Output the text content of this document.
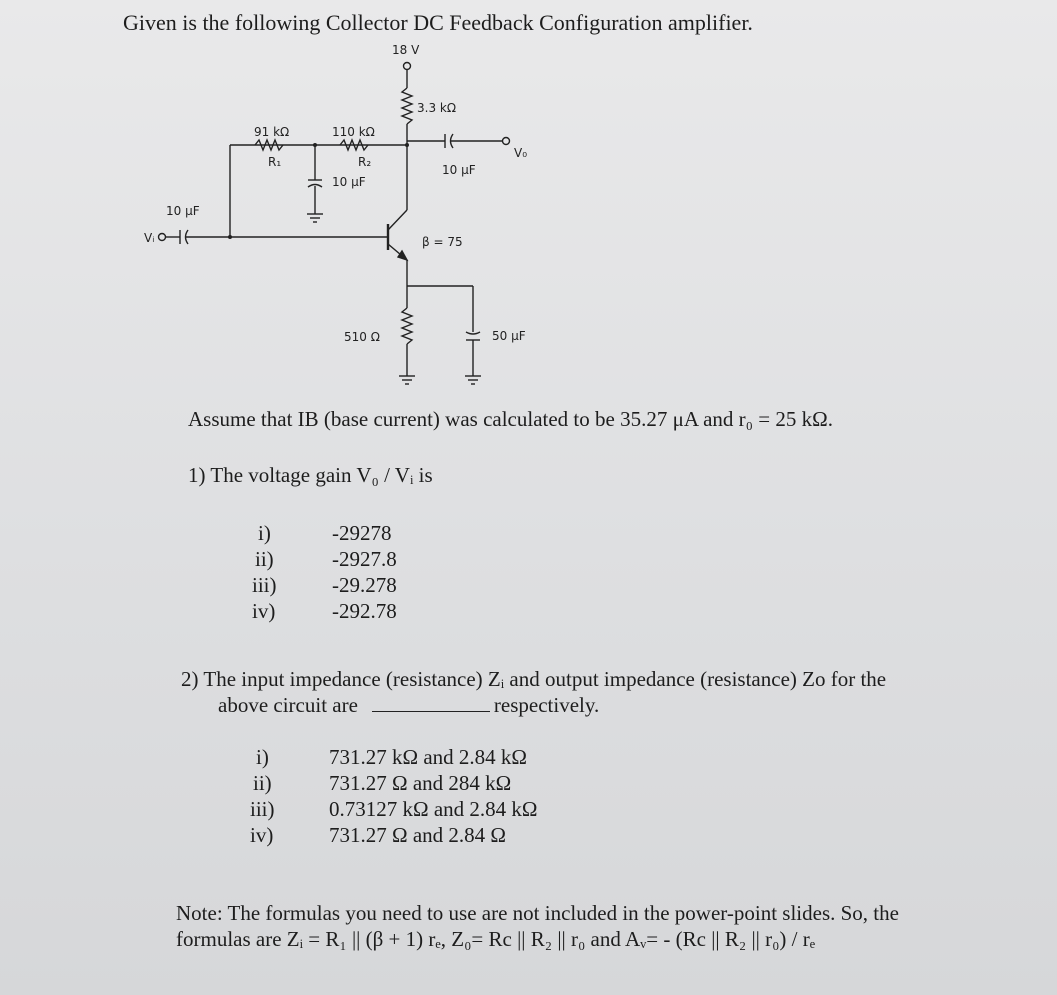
Given is the following Collector DC Feedback Configuration amplifier.
18 V
3.3 kΩ
91 kΩ
R₁
110 kΩ
R₂
10 μF
10 μF
V₀
10 μF
Vᵢ	β = 75
510 Ω	50 μF
Assume that IB (base current) was calculated to be 35.27 μA and r₀ = 25 kΩ.
1) The voltage gain V₀ / Vᵢ is
i)	-29278
ii)	-2927.8
iii)	-29.278
iv)	-292.78
2) The input impedance (resistance) Zᵢ and output impedance (resistance) Zo for the
above circuit are	respectively.
i)	731.27 kΩ and 2.84 kΩ
ii)	731.27 Ω and 284 kΩ
iii)	0.73127 kΩ and 2.84 kΩ
iv)	731.27 Ω and 2.84 Ω
Note: The formulas you need to use are not included in the power-point slides. So, the
formulas are Zᵢ = R₁ || (β + 1) rₑ, Z₀= Rc || R₂ || r₀ and Aᵥ= - (Rc || R₂ || r₀) / rₑ
